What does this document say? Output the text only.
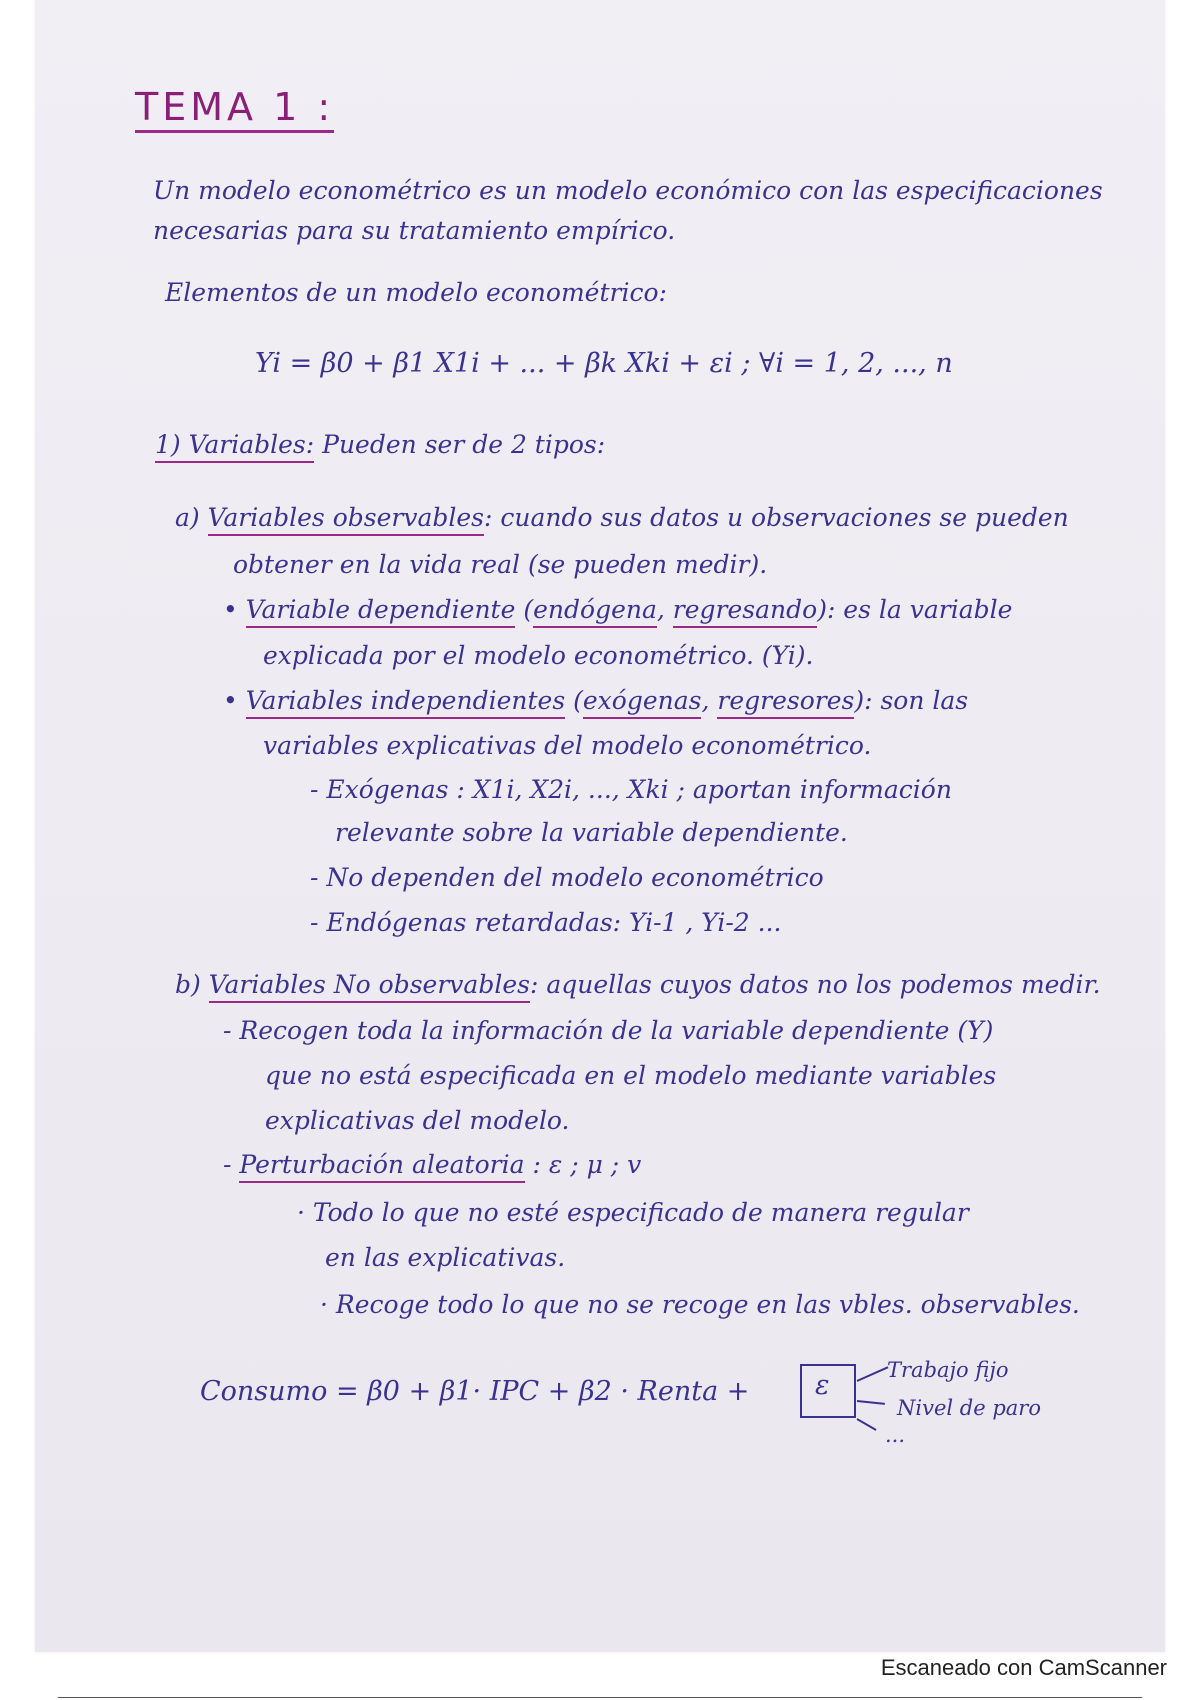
TEMA 1 :
Un modelo econométrico es un modelo económico con las especificaciones
necesarias para su tratamiento empírico.
Elementos de un modelo econométrico:
Yi = β0 + β1 X1i + ... + βk Xki + εi ; ∀i = 1, 2, ..., n
1) Variables: Pueden ser de 2 tipos:
a) Variables observables: cuando sus datos u observaciones se pueden
obtener en la vida real (se pueden medir).
• Variable dependiente (endógena, regresando): es la variable
explicada por el modelo econométrico. (Yi).
• Variables independientes (exógenas, regresores): son las
variables explicativas del modelo econométrico.
- Exógenas : X1i, X2i, ..., Xki ; aportan información
relevante sobre la variable dependiente.
- No dependen del modelo econométrico
- Endógenas retardadas: Yi-1 , Yi-2 ...
b) Variables No observables: aquellas cuyos datos no los podemos medir.
- Recogen toda la información de la variable dependiente (Y)
que no está especificada en el modelo mediante variables
explicativas del modelo.
- Perturbación aleatoria : ε ; μ ; v
· Todo lo que no esté especificado de manera regular
en las explicativas.
· Recoge todo lo que no se recoge en las vbles. observables.
Consumo = β0 + β1· IPC + β2 · Renta + ε	Trabajo fijo
Nivel de paro
...
Escaneado con CamScanner
